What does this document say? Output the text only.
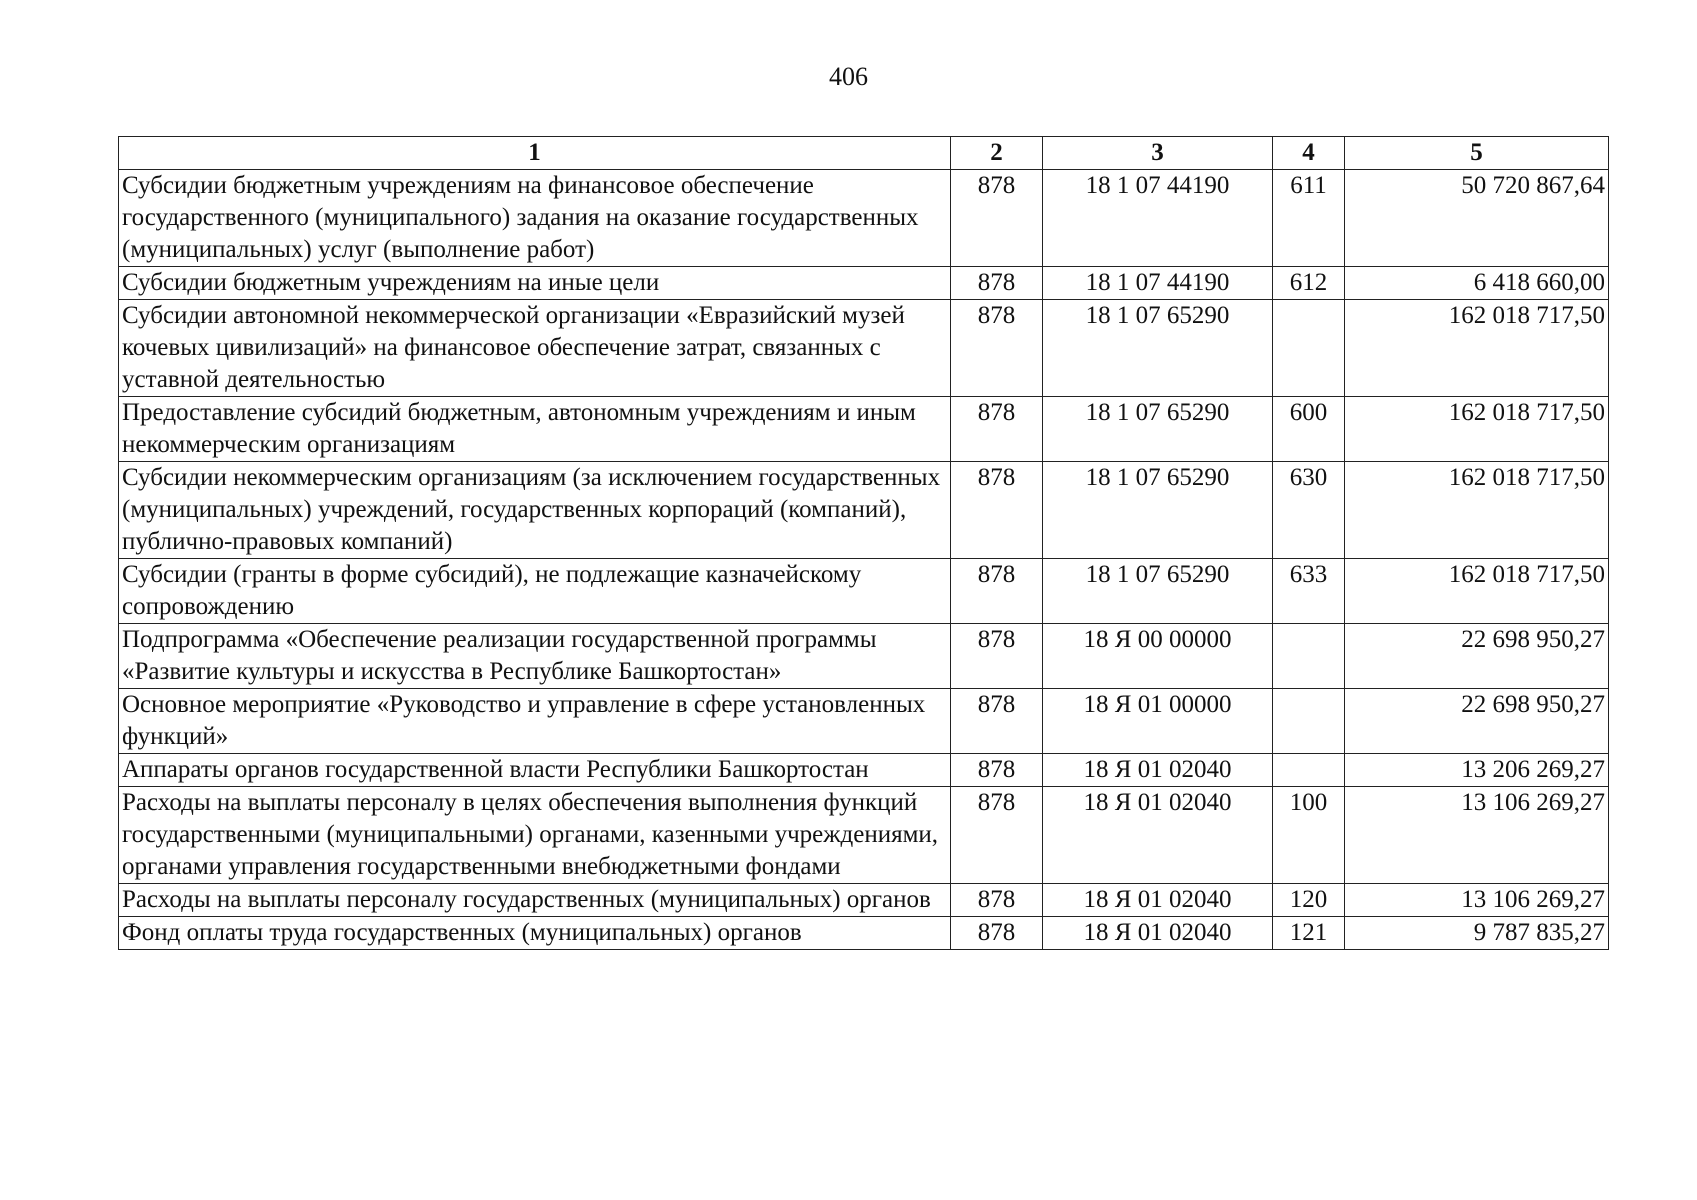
406
1	2	3	4	5
Субсидии бюджетным учреждениям на финансовое обеспечение государственного (муниципального) задания на оказание государственных (муниципальных) услуг (выполнение работ)	878	18 1 07 44190	611	50 720 867,64
Субсидии бюджетным учреждениям на иные цели	878	18 1 07 44190	612	6 418 660,00
Субсидии автономной некоммерческой организации «Евразийский музей кочевых цивилизаций» на финансовое обеспечение затрат, связанных с уставной деятельностью	878	18 1 07 65290		162 018 717,50
Предоставление субсидий бюджетным, автономным учреждениям и иным некоммерческим организациям	878	18 1 07 65290	600	162 018 717,50
Субсидии некоммерческим организациям (за исключением государственных (муниципальных) учреждений, государственных корпораций (компаний), публично-правовых компаний)	878	18 1 07 65290	630	162 018 717,50
Субсидии (гранты в форме субсидий), не подлежащие казначейскому сопровождению	878	18 1 07 65290	633	162 018 717,50
Подпрограмма «Обеспечение реализации государственной программы «Развитие культуры и искусства в Республике Башкортостан»	878	18 Я 00 00000		22 698 950,27
Основное мероприятие «Руководство и управление в сфере установленных функций»	878	18 Я 01 00000		22 698 950,27
Аппараты органов государственной власти Республики Башкортостан	878	18 Я 01 02040		13 206 269,27
Расходы на выплаты персоналу в целях обеспечения выполнения функций государственными (муниципальными) органами, казенными учреждениями, органами управления государственными внебюджетными фондами	878	18 Я 01 02040	100	13 106 269,27
Расходы на выплаты персоналу государственных (муниципальных) органов	878	18 Я 01 02040	120	13 106 269,27
Фонд оплаты труда государственных (муниципальных) органов	878	18 Я 01 02040	121	9 787 835,27
